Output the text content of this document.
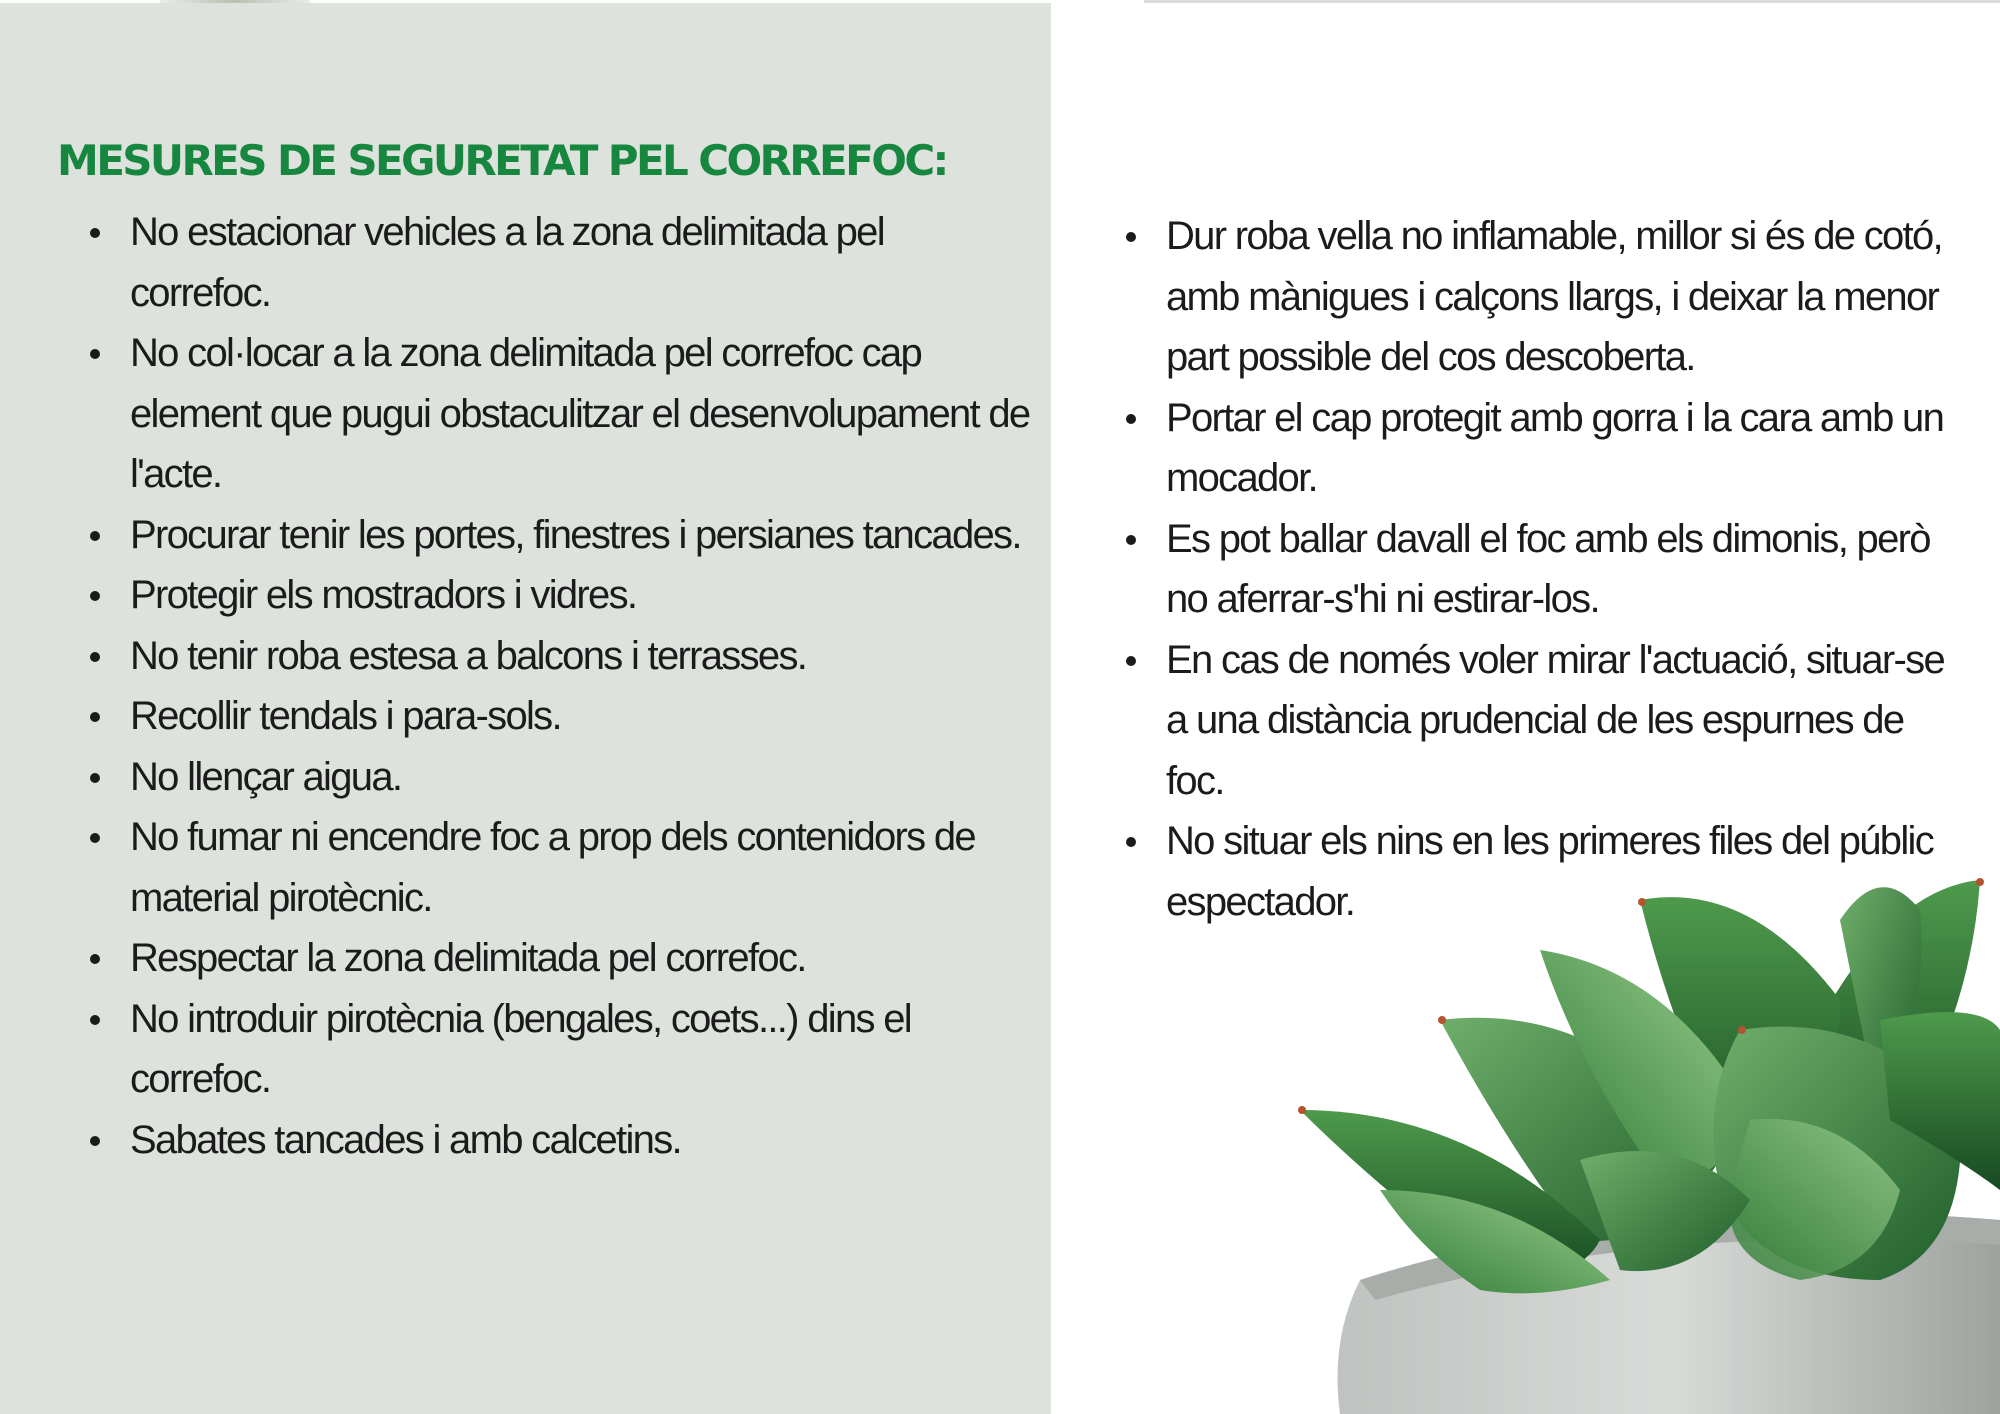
MESURES DE SEGURETAT PEL CORREFOC:
No estacionar vehicles a la zona delimitada pel correfoc.
No col·locar a la zona delimitada pel correfoc cap element que pugui obstaculitzar el desenvolupament de l'acte.
Procurar tenir les portes, finestres i persianes tancades.
Protegir els mostradors i vidres.
No tenir roba estesa a balcons i terrasses.
Recollir tendals i para-sols.
No llençar aigua.
No fumar ni encendre foc a prop dels contenidors de material pirotècnic.
Respectar la zona delimitada pel correfoc.
No introduir pirotècnia (bengales, coets...) dins el correfoc.
Sabates tancades i amb calcetins.
Dur roba vella no inflamable, millor si és de cotó, amb mànigues i calçons llargs, i deixar la menor part possible del cos descoberta.
Portar el cap protegit amb gorra i la cara amb un mocador.
Es pot ballar davall el foc amb els dimonis, però no aferrar-s'hi ni estirar-los.
En cas de només voler mirar l'actuació, situar-se a una distància prudencial de les espurnes de foc.
No situar els nins en les primeres files del públic espectador.
